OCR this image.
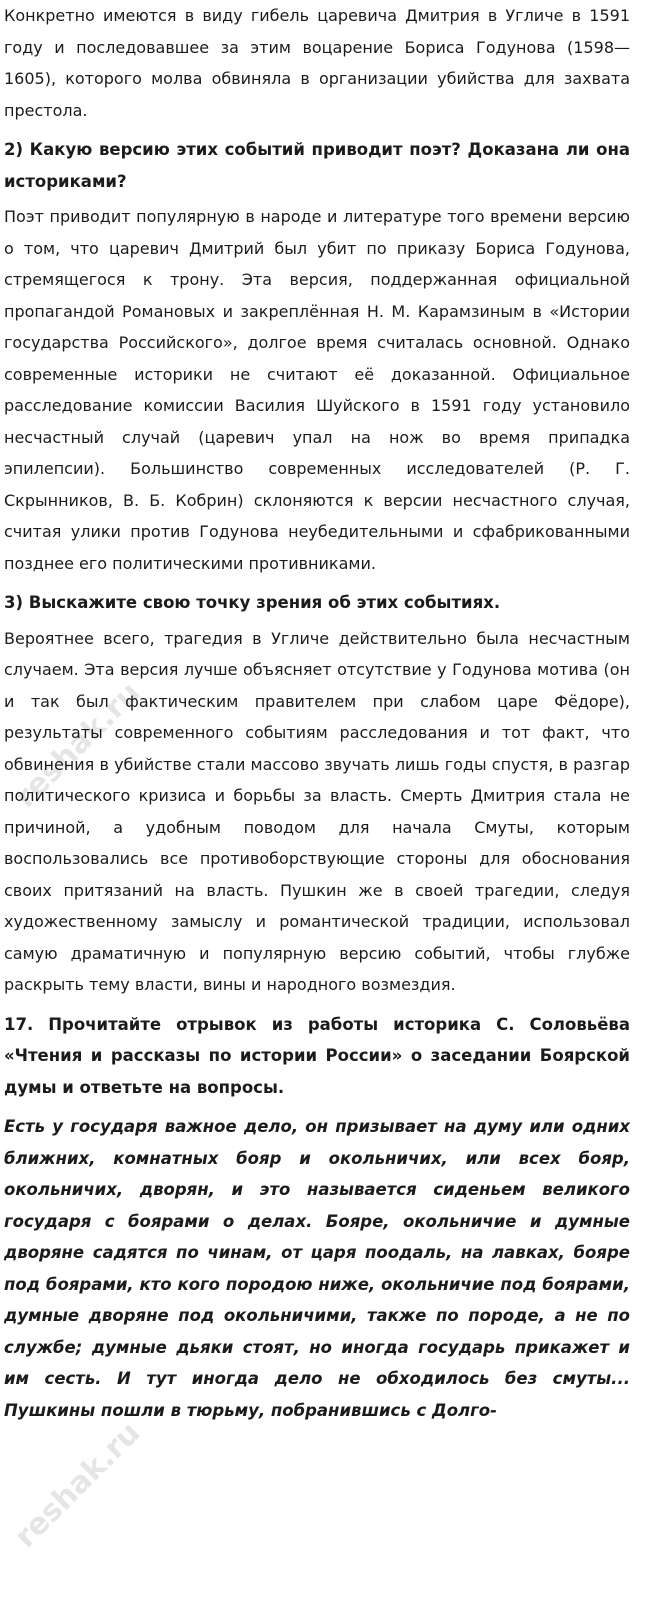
Конкретно имеются в виду гибель царевича Дмитрия в Угличе в 1591 году и последовавшее за этим воцарение Бориса Годунова (1598—1605), которого молва обвиняла в организации убийства для захвата престола.

2) Какую версию этих событий приводит поэт? Доказана ли она историками?

Поэт приводит популярную в народе и литературе того времени версию о том, что царевич Дмитрий был убит по приказу Бориса Годунова, стремящегося к трону. Эта версия, поддержанная официальной пропагандой Романовых и закреплённая Н. М. Карамзиным в «Истории государства Российского», долгое время считалась основной. Однако современные историки не считают её доказанной. Официальное расследование комиссии Василия Шуйского в 1591 году установило несчастный случай (царевич упал на нож во время припадка эпилепсии). Большинство современных исследователей (Р. Г. Скрынников, В. Б. Кобрин) склоняются к версии несчастного случая, считая улики против Годунова неубедительными и сфабрикованными позднее его политическими противниками.

3) Выскажите свою точку зрения об этих событиях.

Вероятнее всего, трагедия в Угличе действительно была несчастным случаем. Эта версия лучше объясняет отсутствие у Годунова мотива (он и так был фактическим правителем при слабом царе Фёдоре), результаты современного событиям расследования и тот факт, что обвинения в убийстве стали массово звучать лишь годы спустя, в разгар политического кризиса и борьбы за власть. Смерть Дмитрия стала не причиной, а удобным поводом для начала Смуты, которым воспользовались все противоборствующие стороны для обоснования своих притязаний на власть. Пушкин же в своей трагедии, следуя художественному замыслу и романтической традиции, использовал самую драматичную и популярную версию событий, чтобы глубже раскрыть тему власти, вины и народного возмездия.

17. Прочитайте отрывок из работы историка С. Соловьёва «Чтения и рассказы по истории России» о заседании Боярской думы и ответьте на вопросы.

Есть у государя важное дело, он призывает на думу или одних ближних, комнатных бояр и окольничих, или всех бояр, окольничих, дворян, и это называется сиденьем великого государя с боярами о делах. Бояре, окольничие и думные дворяне садятся по чинам, от царя поодаль, на лавках, бояре под боярами, кто кого породою ниже, окольничие под боярами, думные дворяне под окольничими, также по породе, а не по службе; думные дьяки стоят, но иногда государь прикажет и им сесть. И тут иногда дело не обходилось без смуты... Пушкины пошли в тюрьму, побранившись с Долго-

reshak.ru
reshak.ru
